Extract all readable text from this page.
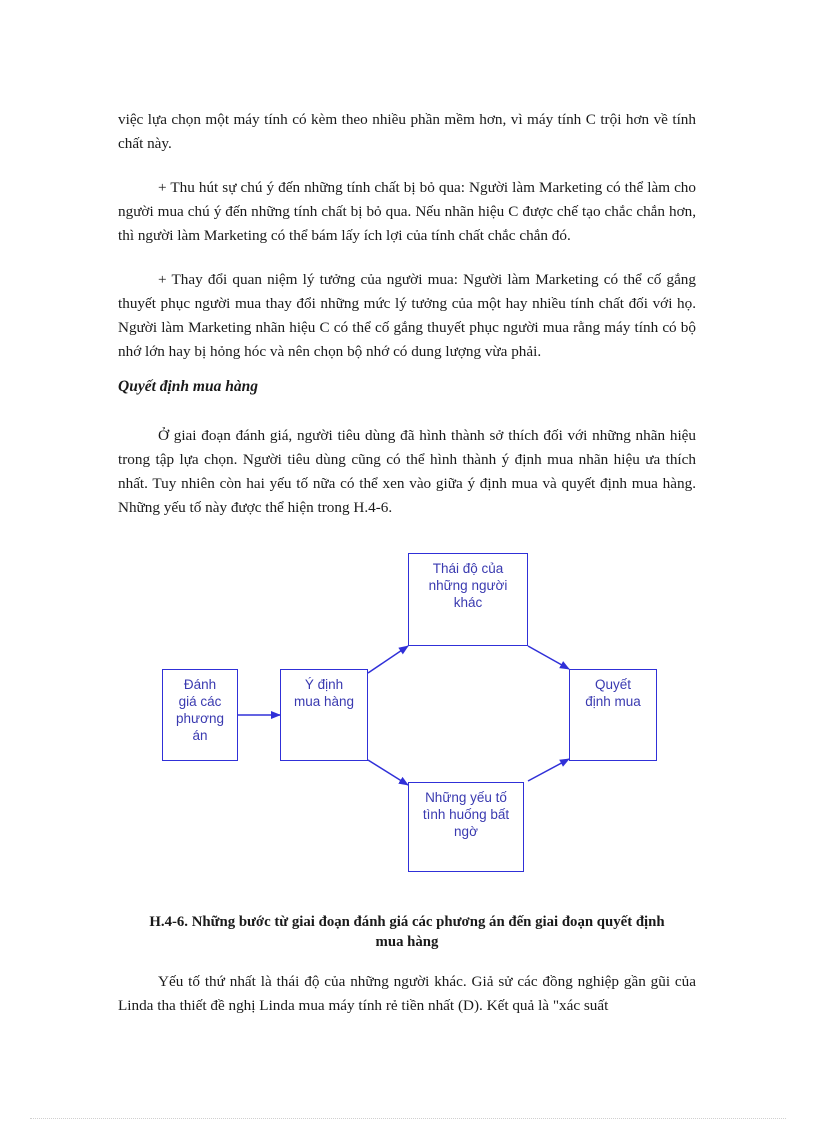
việc lựa chọn một máy tính có kèm theo nhiều phần mềm hơn, vì máy tính C trội hơn về tính chất này.

+ Thu hút sự chú ý đến những tính chất bị bỏ qua: Người làm Marketing có thể làm cho người mua chú ý đến những tính chất bị bỏ qua. Nếu nhãn hiệu C được chế tạo chắc chắn hơn, thì người làm Marketing có thể bám lấy ích lợi của tính chất chắc chắn đó.

+ Thay đổi quan niệm lý tưởng của người mua: Người làm Marketing có thể cố gắng thuyết phục người mua thay đổi những mức lý tưởng của một hay nhiều tính chất đối với họ. Người làm Marketing nhãn hiệu C có thể cố gắng thuyết phục người mua rằng máy tính có bộ nhớ lớn hay bị hỏng hóc và nên chọn bộ nhớ có dung lượng vừa phải.

Quyết định mua hàng

Ở giai đoạn đánh giá, người tiêu dùng đã hình thành sở thích đối với những nhãn hiệu trong tập lựa chọn. Người tiêu dùng cũng có thể hình thành ý định mua nhãn hiệu ưa thích nhất. Tuy nhiên còn hai yếu tố nữa có thể xen vào giữa ý định mua và quyết định mua hàng. Những yếu tố này được thể hiện trong H.4-6.

Đánh
giá các
phương
án
Ý định
mua hàng
Thái độ của
những người
khác
Những yếu tố
tình huống bất
ngờ
Quyết
định mua
H.4-6. Những bước từ giai đoạn đánh giá các phương án đến giai đoạn quyết định
mua hàng

Yếu tố thứ nhất là thái độ của những người khác. Giả sử các đồng nghiệp gần gũi của Linda tha thiết đề nghị Linda mua máy tính rẻ tiền nhất (D). Kết quả là "xác suất
